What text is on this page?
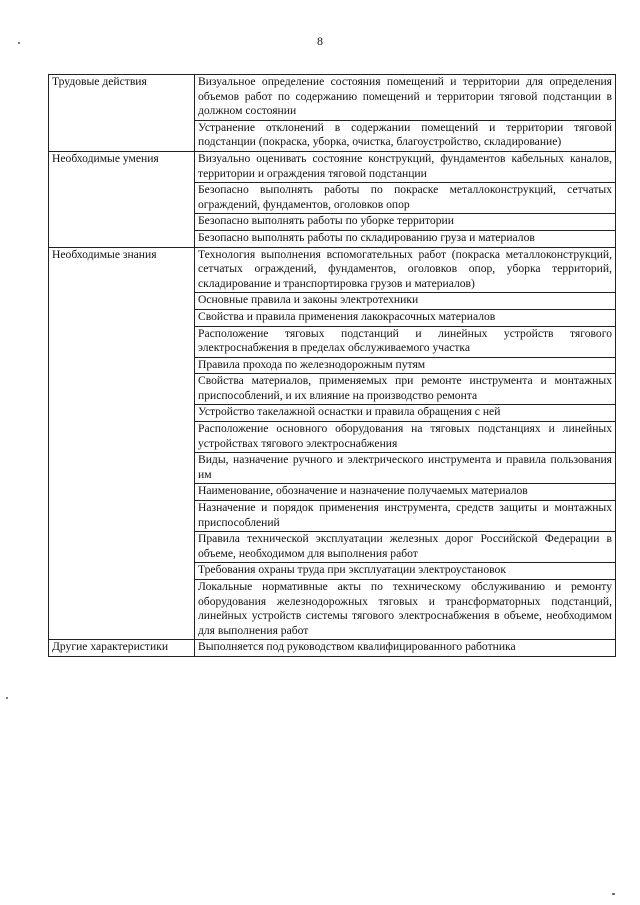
8
Трудовые действия	Визуальное определение состояния помещений и территории для определения объемов работ по содержанию помещений и территории тяговой подстанции в должном состоянии
	Устранение отклонений в содержании помещений и территории тяговой подстанции (покраска, уборка, очистка, благоустройство, складирование)
Необходимые умения	Визуально оценивать состояние конструкций, фундаментов кабельных каналов, территории и ограждения тяговой подстанции
	Безопасно выполнять работы по покраске металлоконструкций, сетчатых ограждений, фундаментов, оголовков опор
	Безопасно выполнять работы по уборке территории
	Безопасно выполнять работы по складированию груза и материалов
Необходимые знания	Технология выполнения вспомогательных работ (покраска металлоконструкций, сетчатых ограждений, фундаментов, оголовков опор, уборка территорий, складирование и транспортировка грузов и материалов)
	Основные правила и законы электротехники
	Свойства и правила применения лакокрасочных материалов
	Расположение тяговых подстанций и линейных устройств тягового электроснабжения в пределах обслуживаемого участка
	Правила прохода по железнодорожным путям
	Свойства материалов, применяемых при ремонте инструмента и монтажных приспособлений, и их влияние на производство ремонта
	Устройство такелажной оснастки и правила обращения с ней
	Расположение основного оборудования на тяговых подстанциях и линейных устройствах тягового электроснабжения
	Виды, назначение ручного и электрического инструмента и правила пользования им
	Наименование, обозначение и назначение получаемых материалов
	Назначение и порядок применения инструмента, средств защиты и монтажных приспособлений
	Правила технической эксплуатации железных дорог Российской Федерации в объеме, необходимом для выполнения работ
	Требования охраны труда при эксплуатации электроустановок
	Локальные нормативные акты по техническому обслуживанию и ремонту оборудования железнодорожных тяговых и трансформаторных подстанций, линейных устройств системы тягового электроснабжения в объеме, необходимом для выполнения работ
Другие характеристики	Выполняется под руководством квалифицированного работника
